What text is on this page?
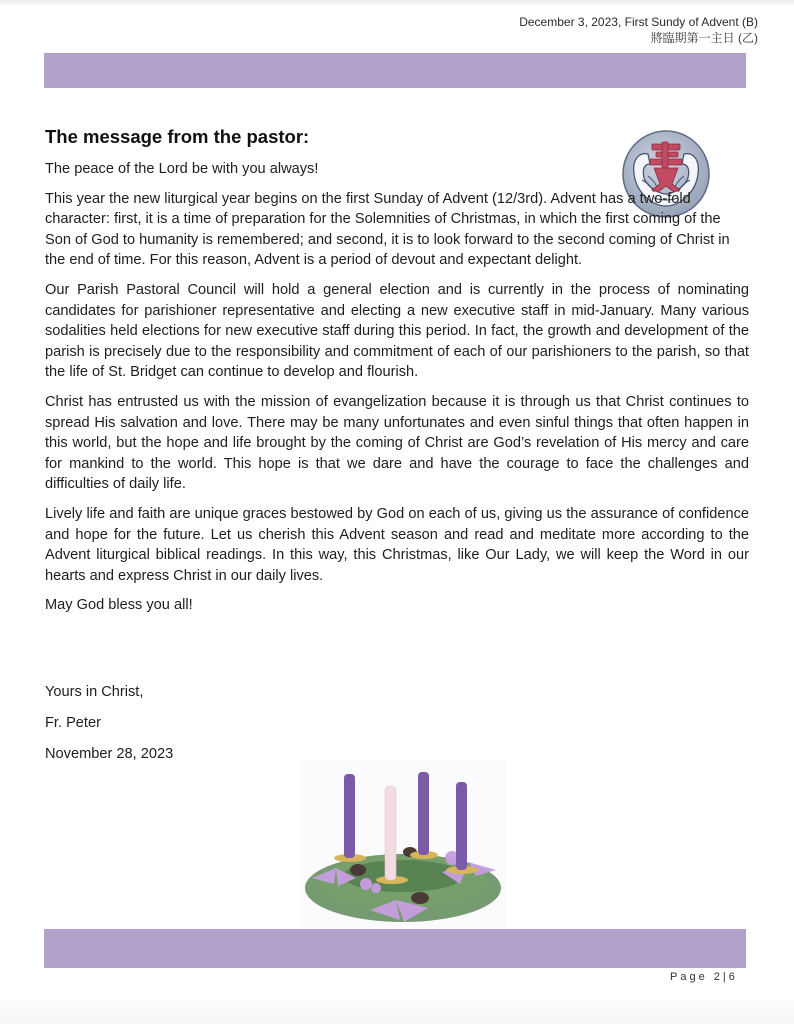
December 3, 2023, First Sundy of Advent (B)
將臨期第一主日 (乙)
The message from the pastor:

The peace of the Lord be with you always!

This year the new liturgical year begins on the first Sunday of Advent (12/3rd). Advent has a two-fold character: first, it is a time of preparation for the Solemnities of Christmas, in which the first coming of the Son of God to humanity is remembered; and second, it is to look forward to the second coming of Christ in the end of time. For this reason, Advent is a period of devout and expectant delight.

Our Parish Pastoral Council will hold a general election and is currently in the process of nominating candidates for parishioner representative and electing a new executive staff in mid-January. Many various sodalities held elections for new executive staff during this period. In fact, the growth and development of the parish is precisely due to the responsibility and commitment of each of our parishioners to the parish, so that the life of St. Bridget can continue to develop and flourish.

Christ has entrusted us with the mission of evangelization because it is through us that Christ continues to spread His salvation and love. There may be many unfortunates and even sinful things that often happen in this world, but the hope and life brought by the coming of Christ are God’s revelation of His mercy and care for mankind to the world. This hope is that we dare and have the courage to face the challenges and difficulties of daily life.

Lively life and faith are unique graces bestowed by God on each of us, giving us the assurance of confidence and hope for the future. Let us cherish this Advent season and read and meditate more according to the Advent liturgical biblical readings. In this way, this Christmas, like Our Lady, we will keep the Word in our hearts and express Christ in our daily lives.

May God bless you all!

Yours in Christ,

Fr. Peter

November 28, 2023

Page 2|6
